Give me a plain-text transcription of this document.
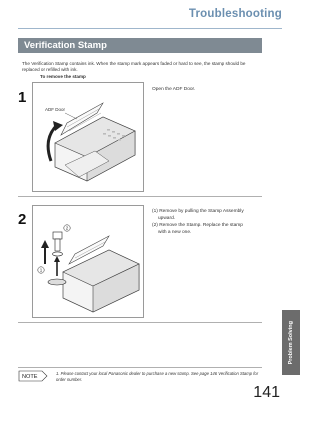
Troubleshooting
Verification Stamp
The Verification Stamp contains ink. When the stamp mark appears faded or hard to see, the stamp should be replaced or refilled with ink.
To remove the stamp
1
ADF Door
Open the ADF Door.
2
2
1
(1) Remove by pulling the Stamp Assembly
upward.
(2) Remove the Stamp. Replace the stamp
with a new one.
Problem Solving
NOTE
1. Please contact your local Panasonic dealer to purchase a new stamp. See page 146 Verification Stamp for order number.
141
